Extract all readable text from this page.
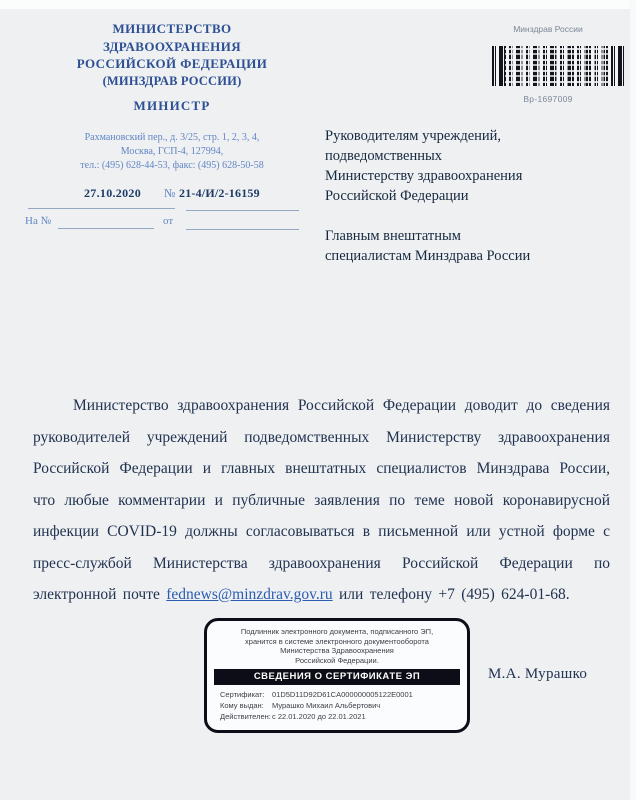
МИНИСТЕРСТВО
ЗДРАВООХРАНЕНИЯ
РОССИЙСКОЙ ФЕДЕРАЦИИ
(МИНЗДРАВ РОССИИ)
МИНИСТР
Рахмановский пер., д. 3/25, стр. 1, 2, 3, 4,
Москва, ГСП-4, 127994,
тел.: (495) 628-44-53, факс: (495) 628-50-58
27.10.2020 № 21-4/И/2-16159
На №	от
Минздрав России
Вр-1697009
Руководителям учреждений,
подведомственных
Министерству здравоохранения
Российской Федерации
Главным внештатным
специалистам Минздрава России
Министерство здравоохранения Российской Федерации доводит до сведения руководителей учреждений подведомственных Министерству здравоохранения Российской Федерации и главных внештатных специалистов Минздрава России, что любые комментарии и публичные заявления по теме новой коронавирусной инфекции COVID-19 должны согласовываться в письменной или устной форме с пресс-службой Министерства здравоохранения Российской Федерации по электронной почте fednews@minzdrav.gov.ru или телефону +7 (495) 624-01-68.
Подлинник электронного документа, подписанного ЭП,
хранится в системе электронного документооборота
Министерства Здравоохранения
Российской Федерации.
СВЕДЕНИЯ О СЕРТИФИКАТЕ ЭП
Сертификат: 01D5D11D92D61CA000000005122E0001
Кому выдан: Мурашко Михаил Альбертович
Действителен:с 22.01.2020 до 22.01.2021
М.А. Мурашко
